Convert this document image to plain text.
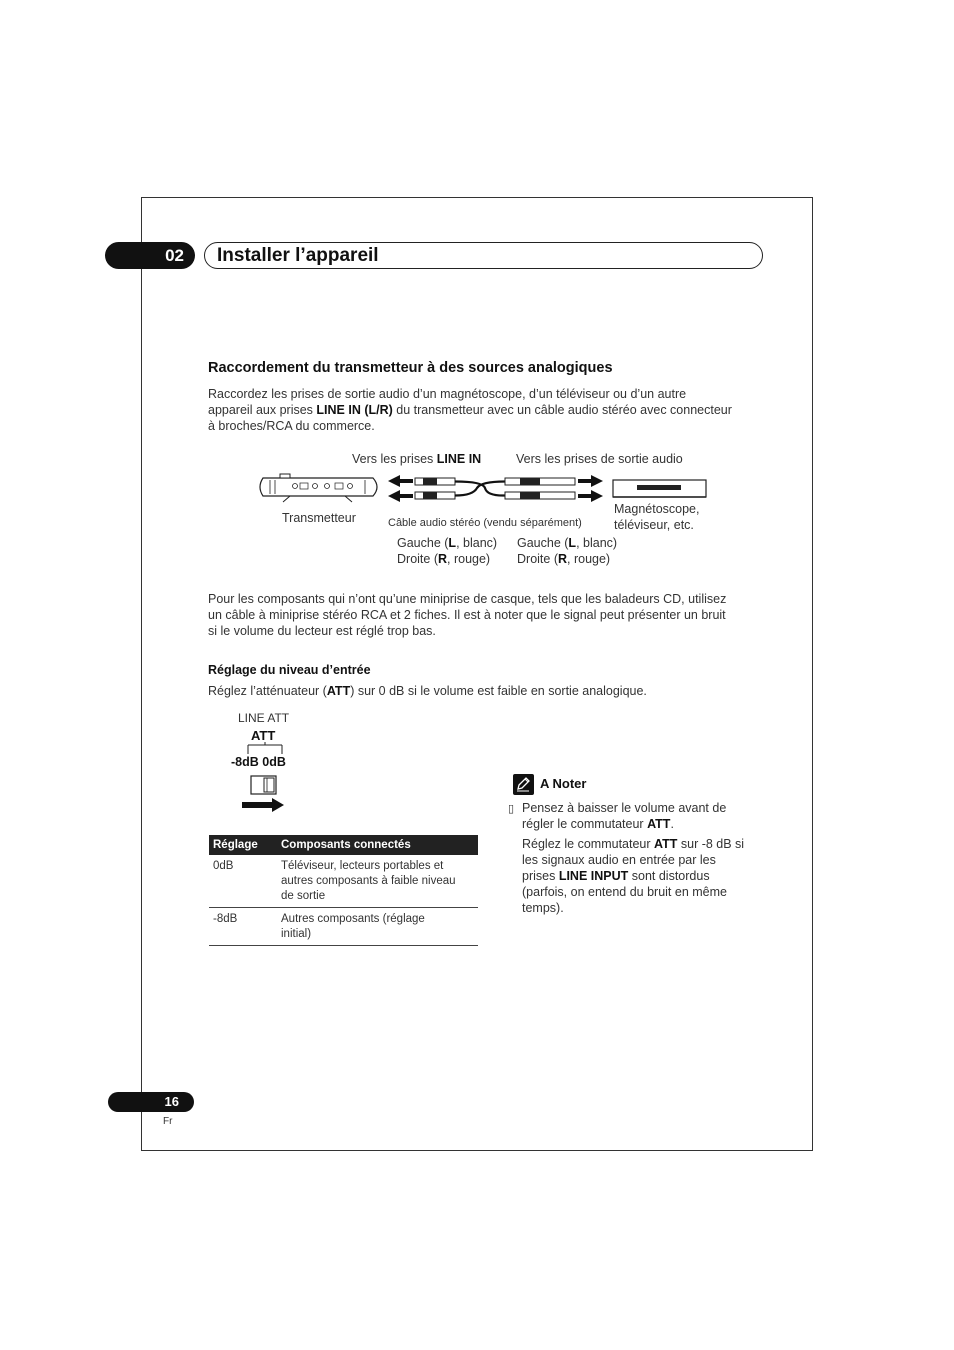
02	Installer l’appareil
Raccordement du transmetteur à des sources analogiques
Raccordez les prises de sortie audio d’un magnétoscope, d’un téléviseur ou d’un autre
appareil aux prises LINE IN (L/R) du transmetteur avec un câble audio stéréo avec connecteur
à broches/RCA du commerce.
Vers les prises LINE IN	Vers les prises de sortie audio
Transmetteur	Câble audio stéréo (vendu séparément)
Magnétoscope,
téléviseur, etc.
Gauche (L, blanc)
Droite (R, rouge)
Gauche (L, blanc)
Droite (R, rouge)
Pour les composants qui n’ont qu’une miniprise de casque, tels que les baladeurs CD, utilisez
un câble à miniprise stéréo RCA et 2 fiches. Il est à noter que le signal peut présenter un bruit
si le volume du lecteur est réglé trop bas.
Réglage du niveau d’entrée
Réglez l’atténuateur (ATT) sur 0 dB si le volume est faible en sortie analogique.
LINE ATT
ATT
-8dB 0dB
Réglage	Composants connectés
0dB	Téléviseur, lecteurs portables et
autres composants à faible niveau
de sortie

-8dB	Autres composants (réglage
initial)
A Noter
▯ Pensez à baisser le volume avant de
régler le commutateur ATT.
Réglez le commutateur ATT sur -8 dB si
les signaux audio en entrée par les
prises LINE INPUT sont distordus
(parfois, on entend du bruit en même
temps).
16
Fr
